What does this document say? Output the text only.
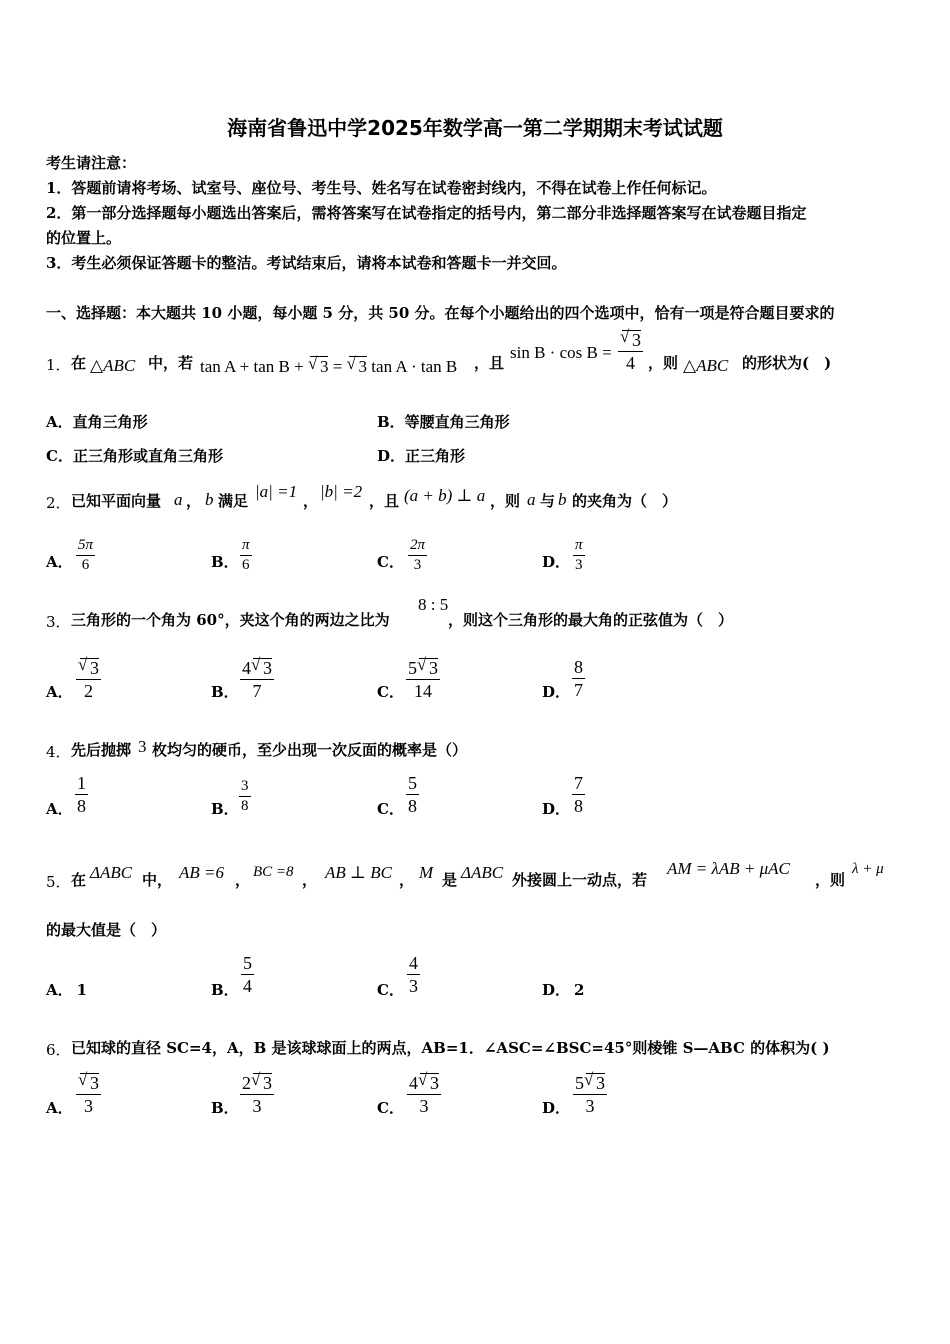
海南省鲁迅中学2025年数学高一第二学期期末考试试题
考生请注意：
1．答题前请将考场、试室号、座位号、考生号、姓名写在试卷密封线内，不得在试卷上作任何标记。
2．第一部分选择题每小题选出答案后，需将答案写在试卷指定的括号内，第二部分非选择题答案写在试卷题目指定
的位置上。
3．考生必须保证答题卡的整洁。考试结束后，请将本试卷和答题卡一并交回。
一、选择题：本大题共 10 小题，每小题 5 分，共 50 分。在每个小题给出的四个选项中，恰有一项是符合题目要求的
1． 在 △ABC 中，若 tan A + tan B + √ 3 = √ 3 tan A · tan B ，且
sin B · cos B = √ $\frac{3}{4}$ ，则 △ABC 的形状为(　)
A．直角三角形	B．等腰直角三角形
C．正三角形或直角三角形	D．正三角形
2． 已知平面向量 a ， b 满足 |a| =1 ， |b| =2 ，且 (a + b) ⊥ a ，则 a 与 b 的夹角为（　）
A． $\frac{5\pi}{6}$	B． $\frac{\pi}{6}$	C． $\frac{2\pi}{3}$	D． $\frac{\pi}{3}$
3． 三角形的一个角为 60°，夹这个角的两边之比为
8 : 5
，则这个三角形的最大角的正弦值为（　）
A． √ $\frac{3}{2}$	B． $\frac{4 √ 3}{7}$	C． $\frac{5 √ 3}{14}$	D． $\frac{8}{7}$
4． 先后抛掷 3 枚均匀的硬币，至少出现一次反面的概率是（）
A． $\frac{1}{8}$	B． $\frac{3}{8}$	C． $\frac{5}{8}$	D． $\frac{7}{8}$
5． 在 ΔABC 中， AB =6 ， BC =8 ， AB ⊥ BC ， M 是 ΔABC 外接圆上一动点，若
AM = λAB + μAC
，则
λ + μ
的最大值是（　）
A． 1	B． $\frac{5}{4}$	C． $\frac{4}{3}$	D． 2
6． 已知球的直径 SC=4，A，B 是该球球面上的两点，AB=1．∠ASC=∠BSC=45°则棱锥 S—ABC 的体积为( )
A． √ $\frac{3}{3}$	B． $\frac{2 √ 3}{3}$	C． $\frac{4 √ 3}{3}$	D． $\frac{5 √ 3}{3}$
